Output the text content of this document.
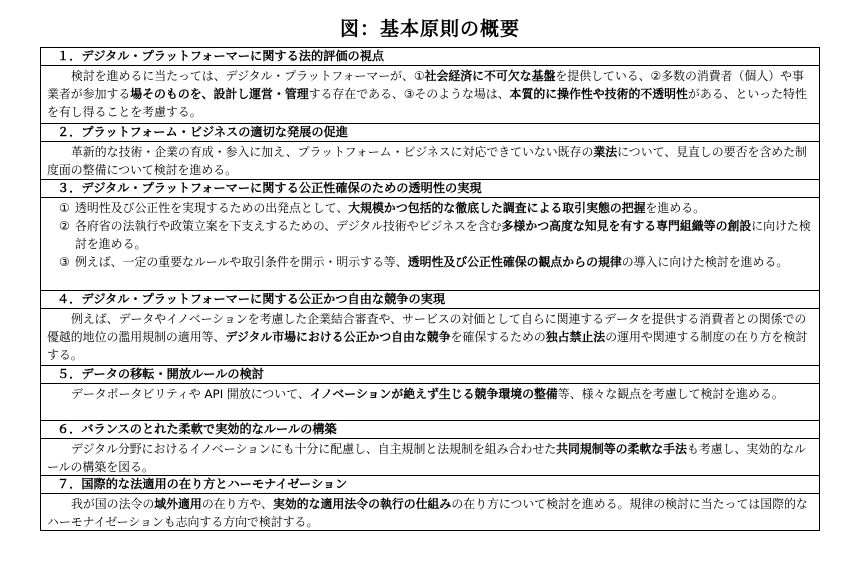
図：基本原則の概要
１．デジタル・プラットフォーマーに関する法的評価の視点

検討を進めるに当たっては、デジタル・プラットフォーマーが、①社会経済に不可欠な基盤を提供している、②多数の消費者（個人）や事業者が参加する場そのものを、設計し運営・管理する存在である、③そのような場は、本質的に操作性や技術的不透明性がある、といった特性を有し得ることを考慮する。

２．プラットフォーム・ビジネスの適切な発展の促進

革新的な技術・企業の育成・参入に加え、プラットフォーム・ビジネスに対応できていない既存の業法について、見直しの要否を含めた制度面の整備について検討を進める。

３．デジタル・プラットフォーマーに関する公正性確保のための透明性の実現
① 透明性及び公正性を実現するための出発点として、大規模かつ包括的な徹底した調査による取引実態の把握を進める。
② 各府省の法執行や政策立案を下支えするための、デジタル技術やビジネスを含む多様かつ高度な知見を有する専門組織等の創設に向けた検討を進める。
③ 例えば、一定の重要なルールや取引条件を開示・明示する等、透明性及び公正性確保の観点からの規律の導入に向けた検討を進める。
４．デジタル・プラットフォーマーに関する公正かつ自由な競争の実現

例えば、データやイノベーションを考慮した企業結合審査や、サービスの対価として自らに関連するデータを提供する消費者との関係での優越的地位の濫用規制の適用等、デジタル市場における公正かつ自由な競争を確保するための独占禁止法の運用や関連する制度の在り方を検討する。

５．データの移転・開放ルールの検討

データポータビリティや API 開放について、イノベーションが絶えず生じる競争環境の整備等、様々な観点を考慮して検討を進める。

６．バランスのとれた柔軟で実効的なルールの構築

デジタル分野におけるイノベーションにも十分に配慮し、自主規制と法規制を組み合わせた共同規制等の柔軟な手法も考慮し、実効的なルールの構築を図る。

７．国際的な法適用の在り方とハーモナイゼーション

我が国の法令の域外適用の在り方や、実効的な適用法令の執行の仕組みの在り方について検討を進める。規律の検討に当たっては国際的なハーモナイゼーションも志向する方向で検討する。
